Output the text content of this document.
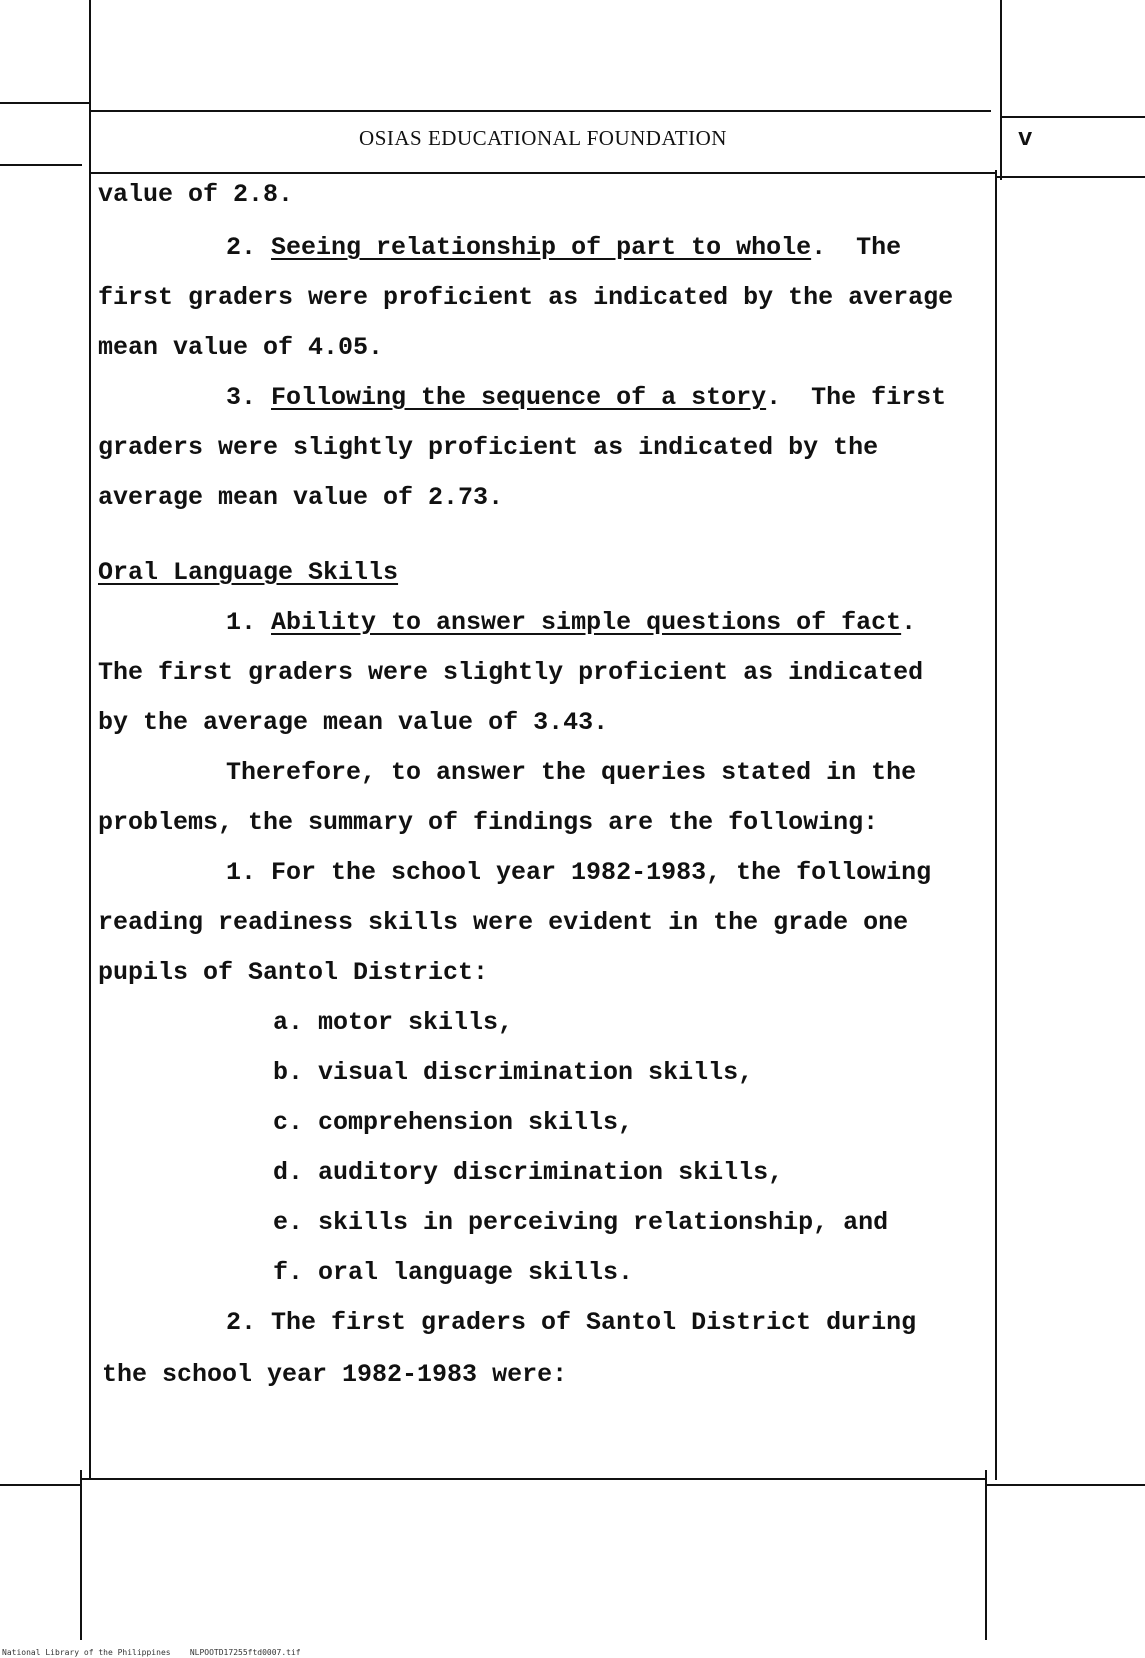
OSIAS EDUCATIONAL FOUNDATION	v
value of 2.8.
2. Seeing relationship of part to whole.  The
first graders were proficient as indicated by the average
mean value of 4.05.
3. Following the sequence of a story.  The first
graders were slightly proficient as indicated by the
average mean value of 2.73.
Oral Language Skills
1. Ability to answer simple questions of fact.
The first graders were slightly proficient as indicated
by the average mean value of 3.43.
Therefore, to answer the queries stated in the
problems, the summary of findings are the following:
1. For the school year 1982-1983, the following
reading readiness skills were evident in the grade one
pupils of Santol District:
a. motor skills,
b. visual discrimination skills,
c. comprehension skills,
d. auditory discrimination skills,
e. skills in perceiving relationship, and
f. oral language skills.
2. The first graders of Santol District during
the school year 1982-1983 were:
National Library of the Philippines    NLPOOTD17255ftd0007.tif
